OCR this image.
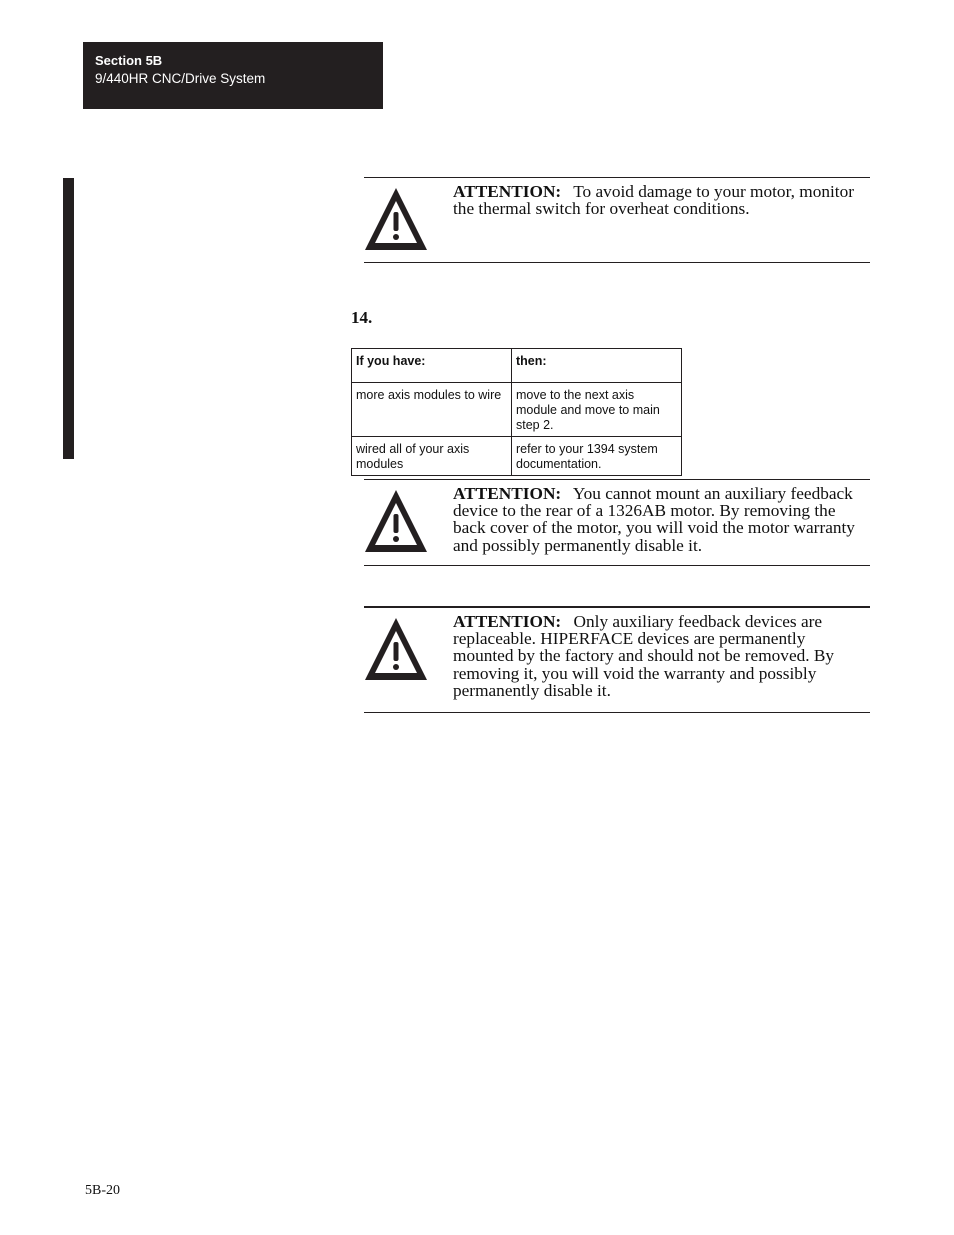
Section 5B
9/440HR CNC/Drive System
ATTENTION: To avoid damage to your motor, monitor the thermal switch for overheat conditions.
14.
If you have:	then:
more axis modules to wire	move to the next axis module and move to main step 2.
wired all of your axis modules	refer to your 1394 system documentation.
ATTENTION: You cannot mount an auxiliary feedback device to the rear of a 1326AB motor. By removing the back cover of the motor, you will void the motor warranty and possibly permanently disable it.
ATTENTION: Only auxiliary feedback devices are replaceable. HIPERFACE devices are permanently mounted by the factory and should not be removed. By removing it, you will void the warranty and possibly permanently disable it.
5B-20
